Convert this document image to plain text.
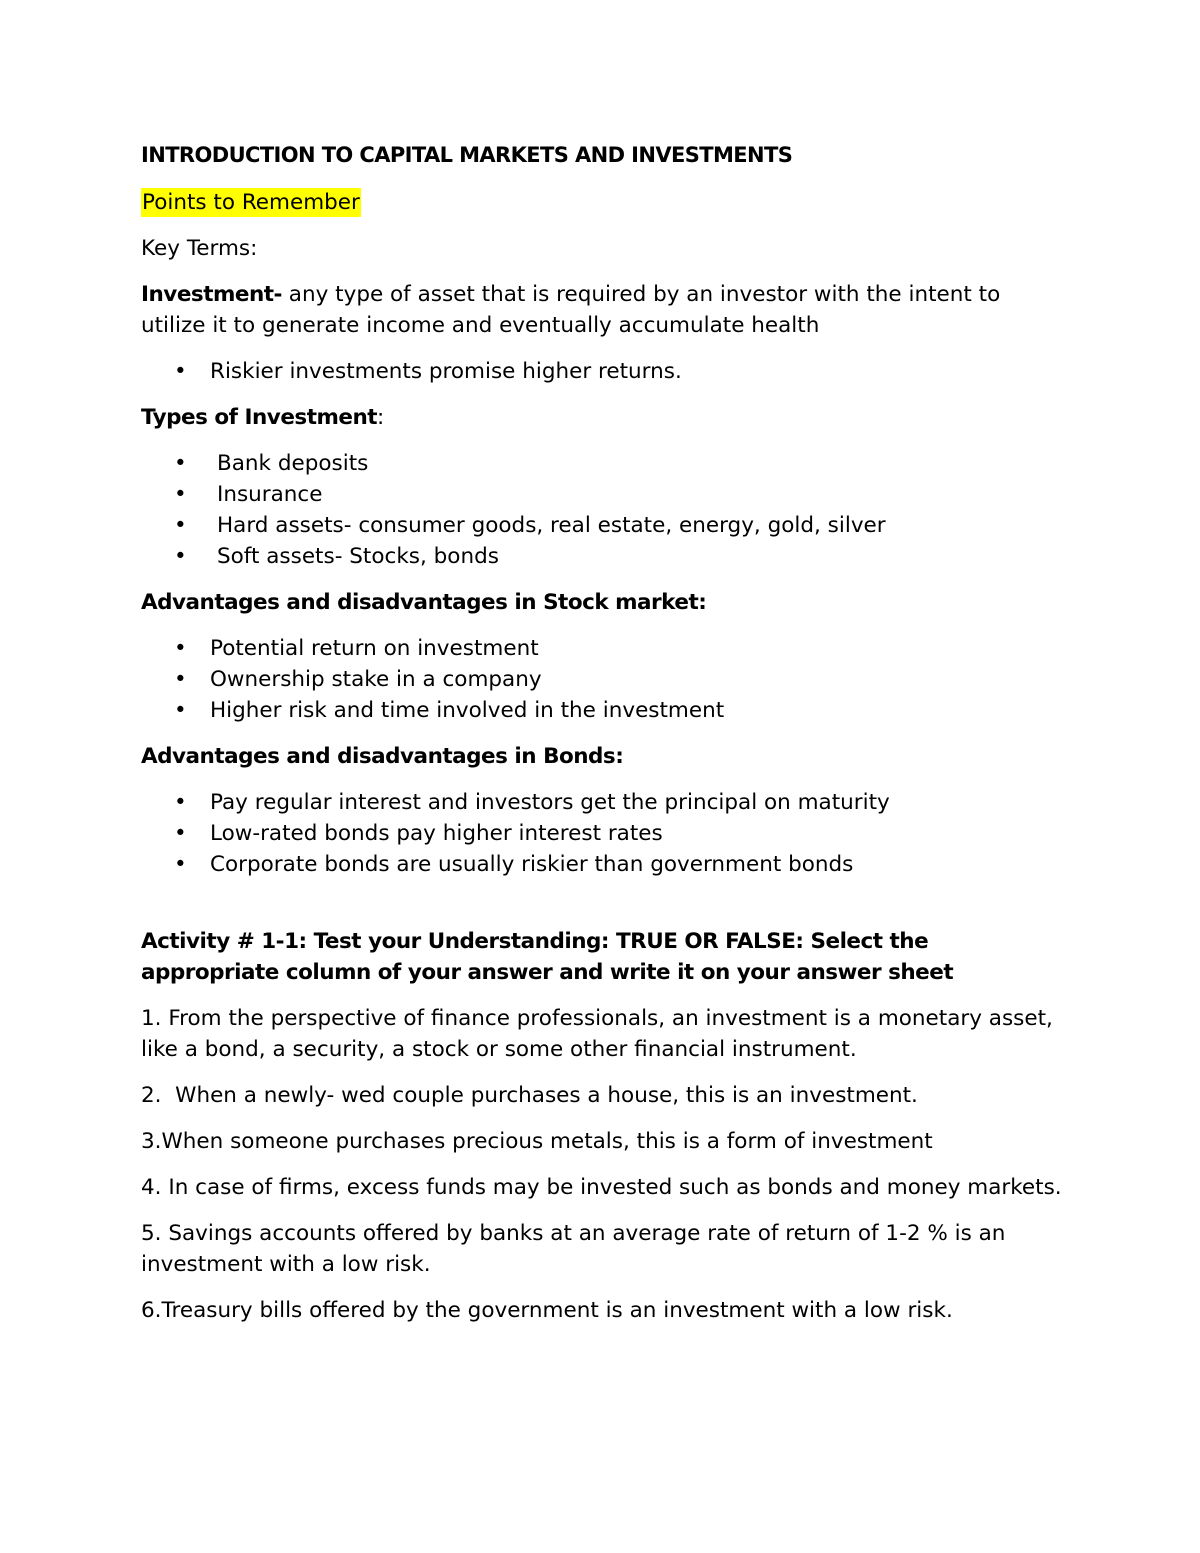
INTRODUCTION TO CAPITAL MARKETS AND INVESTMENTS

Points to Remember

Key Terms:

Investment- any type of asset that is required by an investor with the intent to utilize it to generate income and eventually accumulate health

• Riskier investments promise higher returns.

Types of Investment:

• Bank deposits
• Insurance
• Hard assets- consumer goods, real estate, energy, gold, silver
• Soft assets- Stocks, bonds

Advantages and disadvantages in Stock market:

• Potential return on investment
• Ownership stake in a company
• Higher risk and time involved in the investment

Advantages and disadvantages in Bonds:

• Pay regular interest and investors get the principal on maturity
• Low-rated bonds pay higher interest rates
• Corporate bonds are usually riskier than government bonds

Activity # 1-1: Test your Understanding: TRUE OR FALSE: Select the appropriate column of your answer and write it on your answer sheet

1. From the perspective of finance professionals, an investment is a monetary asset, like a bond, a security, a stock or some other financial instrument.

2.  When a newly- wed couple purchases a house, this is an investment.

3.When someone purchases precious metals, this is a form of investment

4. In case of firms, excess funds may be invested such as bonds and money markets.

5. Savings accounts offered by banks at an average rate of return of 1-2 % is an investment with a low risk.

6.Treasury bills offered by the government is an investment with a low risk.
